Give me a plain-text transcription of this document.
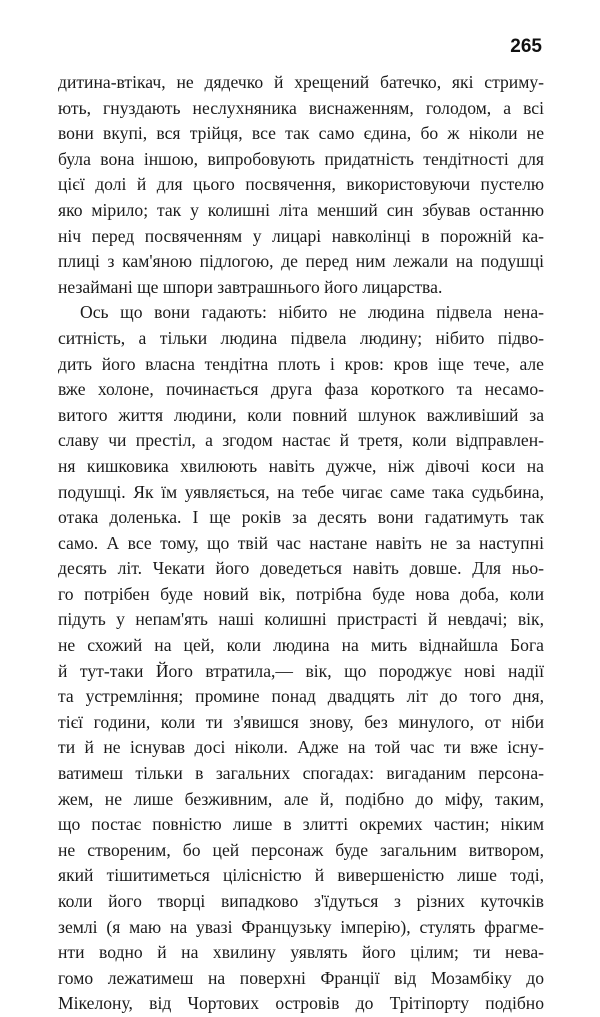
265
дитина-втікач, не дядечко й хрещений батечко, які стриму-
ють, гнуздають неслухняника виснаженням, голодом, а всі
вони вкупі, вся трійця, все так само єдина, бо ж ніколи не
була вона іншою, випробовують придатність тендітності для
цієї долі й для цього посвячення, використовуючи пустелю
яко мірило; так у колишні літа менший син збував останню
ніч перед посвяченням у лицарі навколінці в порожній ка-
плиці з кам'яною підлогою, де перед ним лежали на подушці
незаймані ще шпори завтрашнього його лицарства.
Ось що вони гадають: нібито не людина підвела нена-
ситність, а тільки людина підвела людину; нібито підво-
дить його власна тендітна плоть і кров: кров іще тече, але
вже холоне, починається друга фаза короткого та несамо-
витого життя людини, коли повний шлунок важливіший за
славу чи престіл, а згодом настає й третя, коли відправлен-
ня кишковика хвилюють навіть дужче, ніж дівочі коси на
подушці. Як їм уявляється, на тебе чигає саме така судьбина,
отака доленька. І ще років за десять вони гадатимуть так
само. А все тому, що твій час настане навіть не за наступні
десять літ. Чекати його доведеться навіть довше. Для ньо-
го потрібен буде новий вік, потрібна буде нова доба, коли
підуть у непам'ять наші колишні пристрасті й невдачі; вік,
не схожий на цей, коли людина на мить віднайшла Бога
й тут-таки Його втратила,— вік, що породжує нові надії
та устремління; промине понад двадцять літ до того дня,
тієї години, коли ти з'явишся знову, без минулого, от ніби
ти й не існував досі ніколи. Адже на той час ти вже існу-
ватимеш тільки в загальних спогадах: вигаданим персона-
жем, не лише безживним, але й, подібно до міфу, таким,
що постає повністю лише в злитті окремих частин; ніким
не створеним, бо цей персонаж буде загальним витвором,
який тішитиметься цілісністю й вивершеністю лише тоді,
коли його творці випадково з'їдуться з різних куточків
землі (я маю на увазі Французьку імперію), стулять фрагме-
нти водно й на хвилину уявлять його цілим; ти нева-
гомо лежатимеш на поверхні Франції від Мозамбіку до
Мікелону, від Чортових островів до Трітіпорту подібно
